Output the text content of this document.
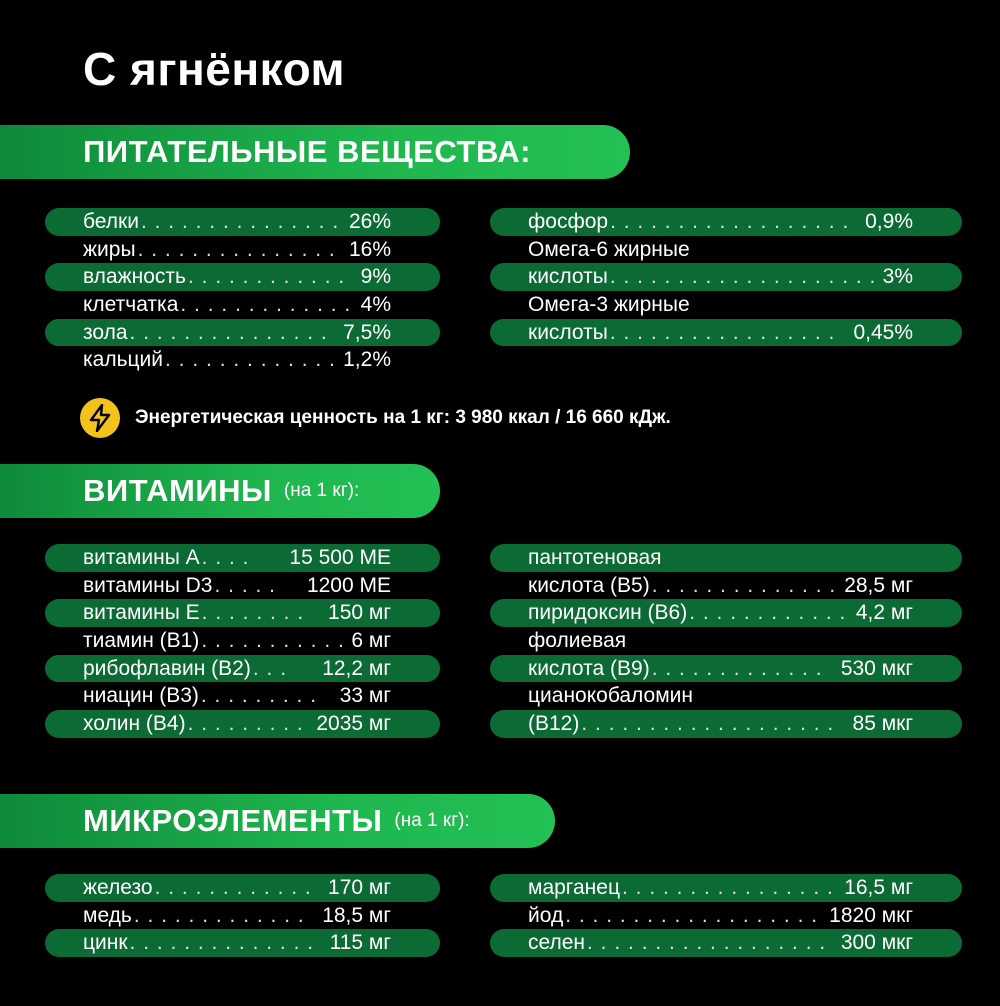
С ягнёнком
ПИТАТЕЛЬНЫЕ ВЕЩЕСТВА:
белки . . . . . . . . . . . . . . . 26%
жиры . . . . . . . . . . . . . . . 16%
влажность . . . . . . . . . . . . 9%
клетчатка . . . . . . . . . . . . . 4%
зола . . . . . . . . . . . . . . . 7,5%
кальций . . . . . . . . . . . . . 1,2%
фосфор . . . . . . . . . . . . . . . . . . 0,9%
Омега-6 жирные
кислоты . . . . . . . . . . . . . . . . . . . . 3%
Омега-3 жирные
кислоты . . . . . . . . . . . . . . . . . 0,45%
Энергетическая ценность на 1 кг: 3 980 ккал / 16 660 кДж.
ВИТАМИНЫ (на 1 кг):
витамины А . . . . 15 500 МЕ
витамины D3 . . . . . 1200 МЕ
витамины Е . . . . . . . . 150 мг
тиамин (В1) . . . . . . . . . . . 6 мг
рибофлавин (В2) . . . 12,2 мг
ниацин (В3) . . . . . . . . . 33 мг
холин (В4) . . . . . . . . . 2035 мг
пантотеновая
кислота (В5) . . . . . . . . . . . . . . 28,5 мг
пиридоксин (В6) . . . . . . . . . . . . 4,2 мг
фолиевая
кислота (В9) . . . . . . . . . . . . . 530 мкг
цианокобаломин
(В12) . . . . . . . . . . . . . . . . . . . 85 мкг
МИКРОЭЛЕМЕНТЫ (на 1 кг):
железо . . . . . . . . . . . . 170 мг
медь . . . . . . . . . . . . . 18,5 мг
цинк . . . . . . . . . . . . . . 115 мг
марганец . . . . . . . . . . . . . . . . 16,5 мг
йод . . . . . . . . . . . . . . . . . . . 1820 мкг
селен . . . . . . . . . . . . . . . . . . 300 мкг
